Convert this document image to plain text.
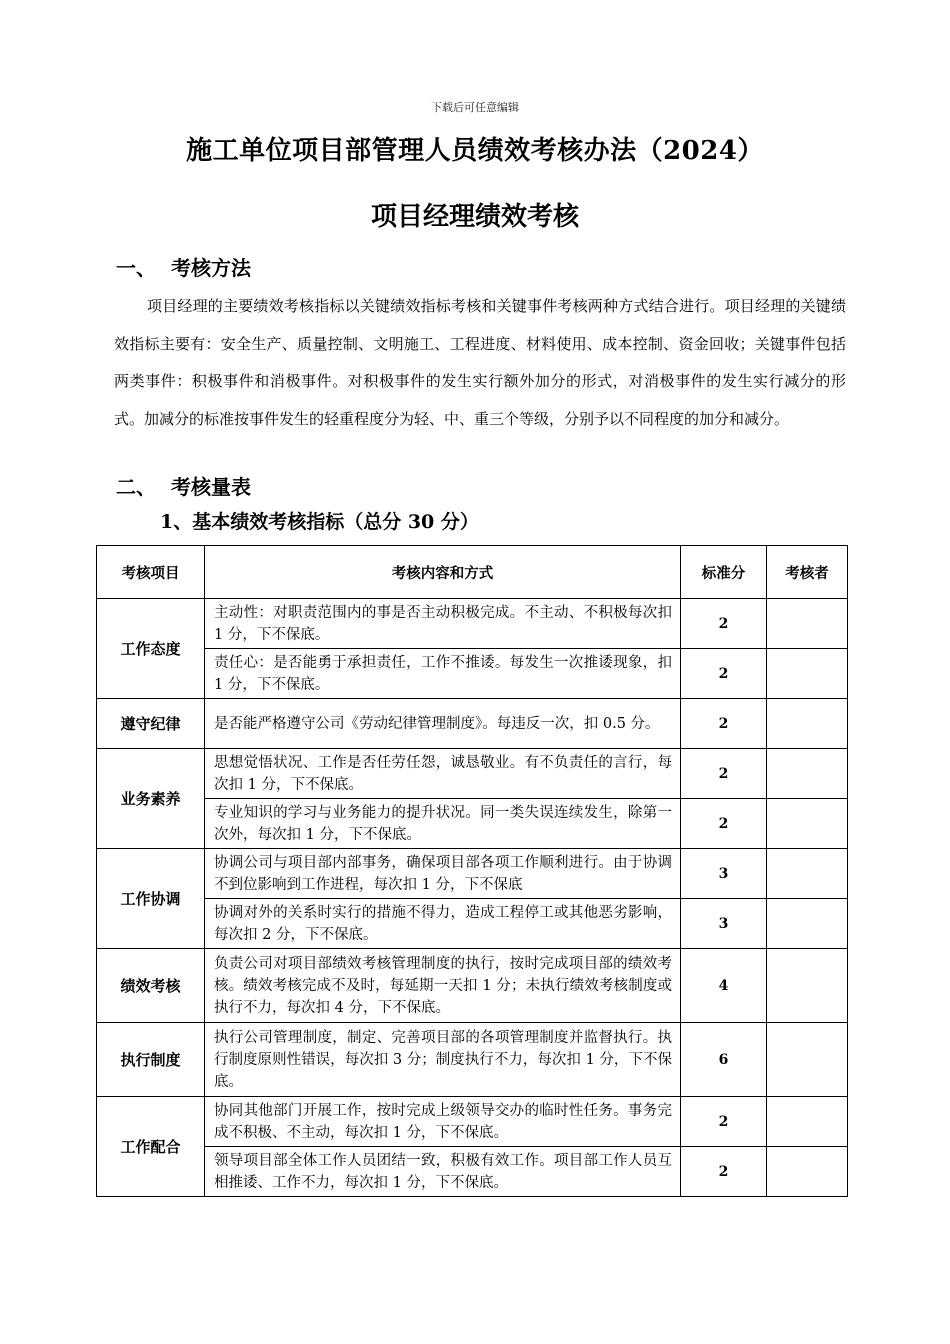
下载后可任意编辑
施工单位项目部管理人员绩效考核办法（2024）
项目经理绩效考核
一、 考核方法
项目经理的主要绩效考核指标以关键绩效指标考核和关键事件考核两种方式结合进行。项目经理的关键绩效指标主要有：安全生产、质量控制、文明施工、工程进度、材料使用、成本控制、资金回收；关键事件包括两类事件：积极事件和消极事件。对积极事件的发生实行额外加分的形式，对消极事件的发生实行减分的形式。加减分的标准按事件发生的轻重程度分为轻、中、重三个等级，分别予以不同程度的加分和减分。
二、 考核量表
1、基本绩效考核指标（总分 30 分）
考核项目	考核内容和方式	标准分	考核者
工作态度	主动性：对职责范围内的事是否主动积极完成。不主动、不积极每次扣 1 分，下不保底。	2	
	责任心：是否能勇于承担责任，工作不推诿。每发生一次推诿现象，扣 1 分，下不保底。	2	
遵守纪律	是否能严格遵守公司《劳动纪律管理制度》。每违反一次，扣 0.5 分。	2	
业务素养	思想觉悟状况、工作是否任劳任怨，诚恳敬业。有不负责任的言行，每次扣 1 分，下不保底。	2	
	专业知识的学习与业务能力的提升状况。同一类失误连续发生，除第一次外，每次扣 1 分，下不保底。	2	
工作协调	协调公司与项目部内部事务，确保项目部各项工作顺利进行。由于协调不到位影响到工作进程，每次扣 1 分，下不保底	3	
	协调对外的关系时实行的措施不得力，造成工程停工或其他恶劣影响，每次扣 2 分，下不保底。	3	
绩效考核	负责公司对项目部绩效考核管理制度的执行，按时完成项目部的绩效考核。绩效考核完成不及时，每延期一天扣 1 分；未执行绩效考核制度或执行不力，每次扣 4 分，下不保底。	4	
执行制度	执行公司管理制度，制定、完善项目部的各项管理制度并监督执行。执行制度原则性错误，每次扣 3 分；制度执行不力，每次扣 1 分，下不保底。	6	
工作配合	协同其他部门开展工作，按时完成上级领导交办的临时性任务。事务完成不积极、不主动，每次扣 1 分，下不保底。	2	
	领导项目部全体工作人员团结一致，积极有效工作。项目部工作人员互相推诿、工作不力，每次扣 1 分，下不保底。	2	
